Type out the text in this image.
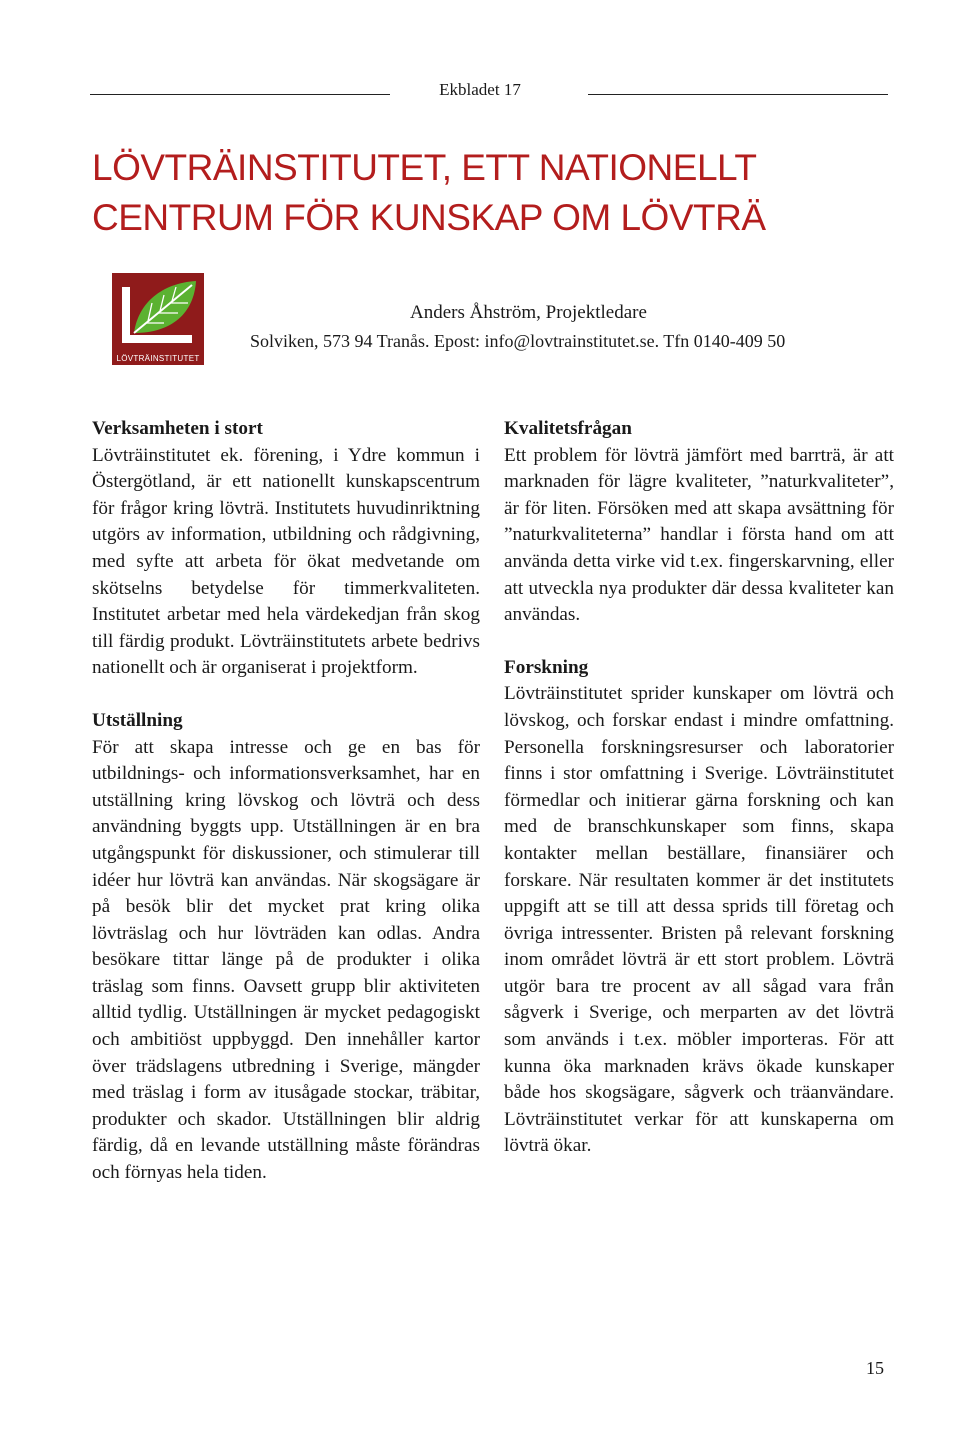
Ekbladet 17
LÖVTRÄINSTITUTET, ETT NATIONELLT
CENTRUM FÖR KUNSKAP OM LÖVTRÄ
LÖVTRÄINSTITUTET
Anders Åhström, Projektledare
Solviken, 573 94 Tranås. Epost: info@lovtrainstitutet.se. Tfn 0140-409 50
Verksamheten i stort

Lövträinstitutet ek. förening, i Ydre kommun i Östergötland, är ett nationellt kunskapscentrum för frågor kring lövträ. Institutets huvudinriktning utgörs av information, utbildning och rådgivning, med syfte att arbeta för ökat medvetande om skötselns betydelse för timmerkvaliteten. Institutet arbetar med hela värdekedjan från skog till färdig produkt. Lövträinstitutets arbete bedrivs nationellt och är organiserat i projektform.

Utställning

För att skapa intresse och ge en bas för utbildnings- och informationsverksamhet, har en utställning kring lövskog och lövträ och dess användning byggts upp. Utställningen är en bra utgångspunkt för diskussioner, och stimulerar till idéer hur lövträ kan användas. När skogsägare är på besök blir det mycket prat kring olika lövträslag och hur lövträden kan odlas. Andra besökare tittar länge på de produkter i olika träslag som finns. Oavsett grupp blir aktiviteten alltid tydlig. Utställningen är mycket pedagogiskt och ambitiöst uppbyggd. Den innehåller kartor över trädslagens utbredning i Sverige, mängder med träslag i form av itusågade stockar, träbitar, produkter och skador. Utställningen blir aldrig färdig, då en levande utställning måste förändras och förnyas hela tiden.

Kvalitetsfrågan

Ett problem för lövträ jämfört med barrträ, är att marknaden för lägre kvaliteter, ”naturkvaliteter”, är för liten. Försöken med att skapa avsättning för ”naturkvaliteterna” handlar i första hand om att använda detta virke vid t.ex. fingerskarvning, eller att utveckla nya produkter där dessa kvaliteter kan användas.

Forskning

Lövträinstitutet sprider kunskaper om lövträ och lövskog, och forskar endast i mindre omfattning. Personella forskningsresurser och laboratorier finns i stor omfattning i Sverige. Lövträinstitutet förmedlar och initierar gärna forskning och kan med de branschkunskaper som finns, skapa kontakter mellan beställare, finansiärer och forskare. När resultaten kommer är det institutets uppgift att se till att dessa sprids till företag och övriga intressenter. Bristen på relevant forskning inom området lövträ är ett stort problem. Lövträ utgör bara tre procent av all sågad vara från sågverk i Sverige, och merparten av det lövträ som används i t.ex. möbler importeras. För att kunna öka marknaden krävs ökade kunskaper både hos skogsägare, sågverk och träanvändare. Lövträinstitutet verkar för att kunskaperna om lövträ ökar.

15
